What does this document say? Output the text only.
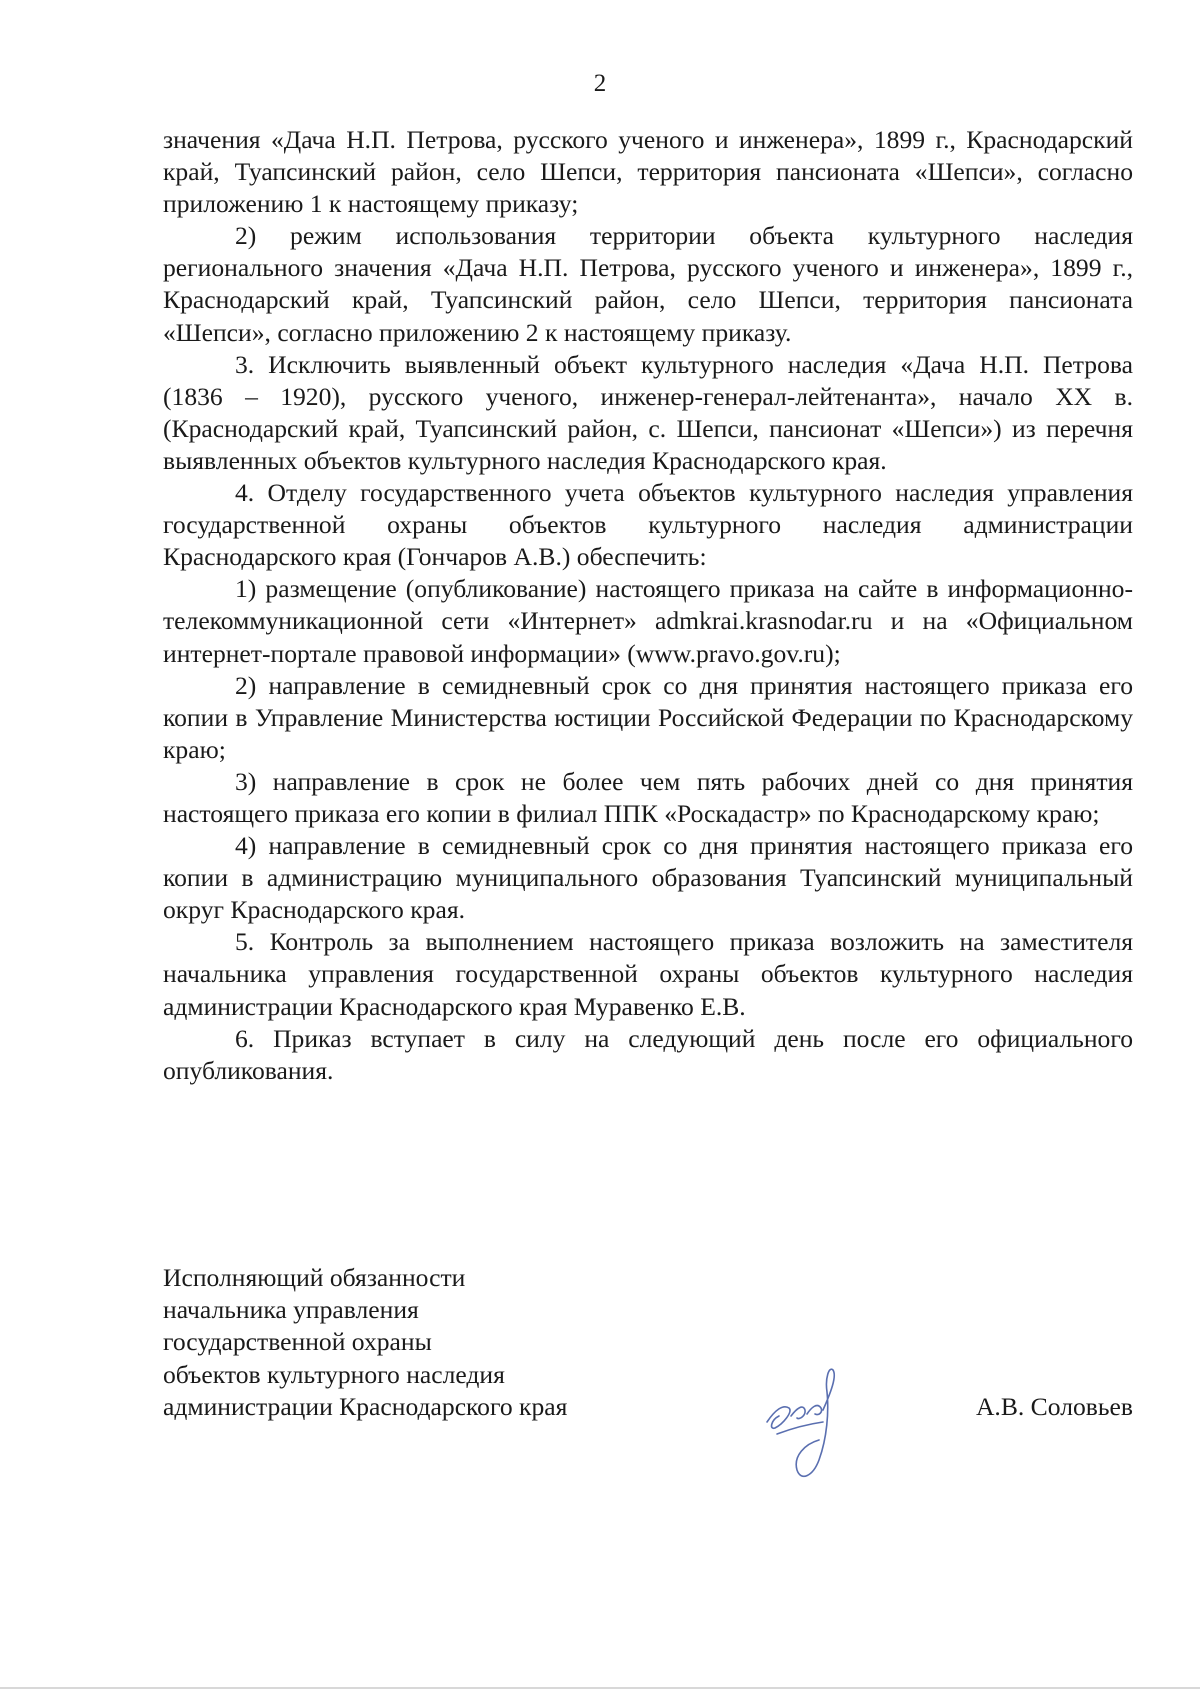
2

значения «Дача Н.П. Петрова, русского ученого и инженера», 1899 г., Краснодарский край, Туапсинский район, село Шепси, территория пансионата «Шепси», согласно приложению 1 к настоящему приказу;

2) режим использования территории объекта культурного наследия регионального значения «Дача Н.П. Петрова, русского ученого и инженера», 1899 г., Краснодарский край, Туапсинский район, село Шепси, территория пансионата «Шепси», согласно приложению 2 к настоящему приказу.

3. Исключить выявленный объект культурного наследия «Дача Н.П. Петрова (1836 – 1920), русского ученого, инженер-генерал-лейтенанта», начало XX в. (Краснодарский край, Туапсинский район, с. Шепси, пансионат «Шепси») из перечня выявленных объектов культурного наследия Краснодарского края.

4. Отделу государственного учета объектов культурного наследия управления государственной охраны объектов культурного наследия администрации Краснодарского края (Гончаров А.В.) обеспечить:

1) размещение (опубликование) настоящего приказа на сайте в информационно-телекоммуникационной сети «Интернет» admkrai.krasnodar.ru и на «Официальном интернет-портале правовой информации» (www.pravo.gov.ru);

2) направление в семидневный срок со дня принятия настоящего приказа его копии в Управление Министерства юстиции Российской Федерации по Краснодарскому краю;

3) направление в срок не более чем пять рабочих дней со дня принятия настоящего приказа его копии в филиал ППК «Роскадастр» по Краснодарскому краю;

4) направление в семидневный срок со дня принятия настоящего приказа его копии в администрацию муниципального образования Туапсинский муниципальный округ Краснодарского края.

5. Контроль за выполнением настоящего приказа возложить на заместителя начальника управления государственной охраны объектов культурного наследия администрации Краснодарского края Муравенко Е.В.

6. Приказ вступает в силу на следующий день после его официального опубликования.

Исполняющий обязанности
начальника управления
государственной охраны
объектов культурного наследия
администрации Краснодарского края	А.В. Соловьев
